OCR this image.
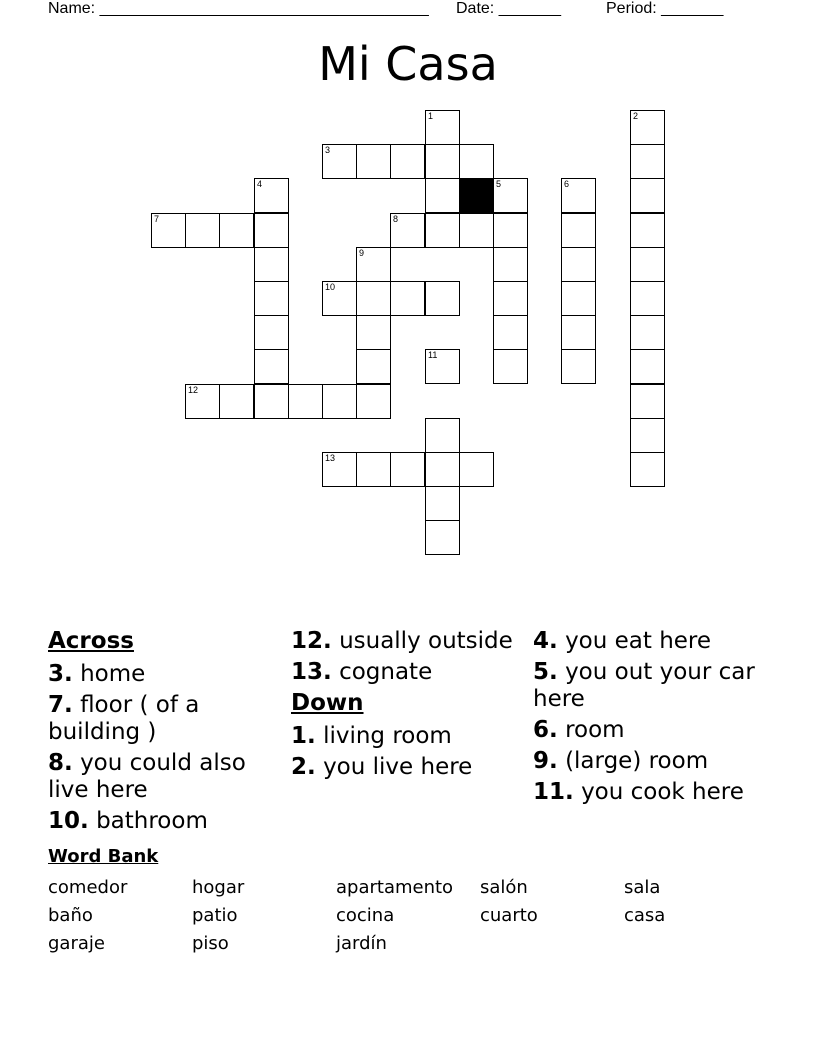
Name: _____________________________________ Date: _______	Period: _______
Mi Casa
1	2
3
4	5	6
7	8
9
10
11
12
13
Across
3. home
7. floor ( of a building )
8. you could also live here
10. bathroom
12. usually outside
13. cognate
Down
1. living room
2. you live here
4. you eat here
5. you out your car here
6. room
9. (large) room
11. you cook here
Word Bank
comedor	hogar	apartamento	salón	sala
baño	patio	cocina	cuarto	casa
garaje	piso	jardín
